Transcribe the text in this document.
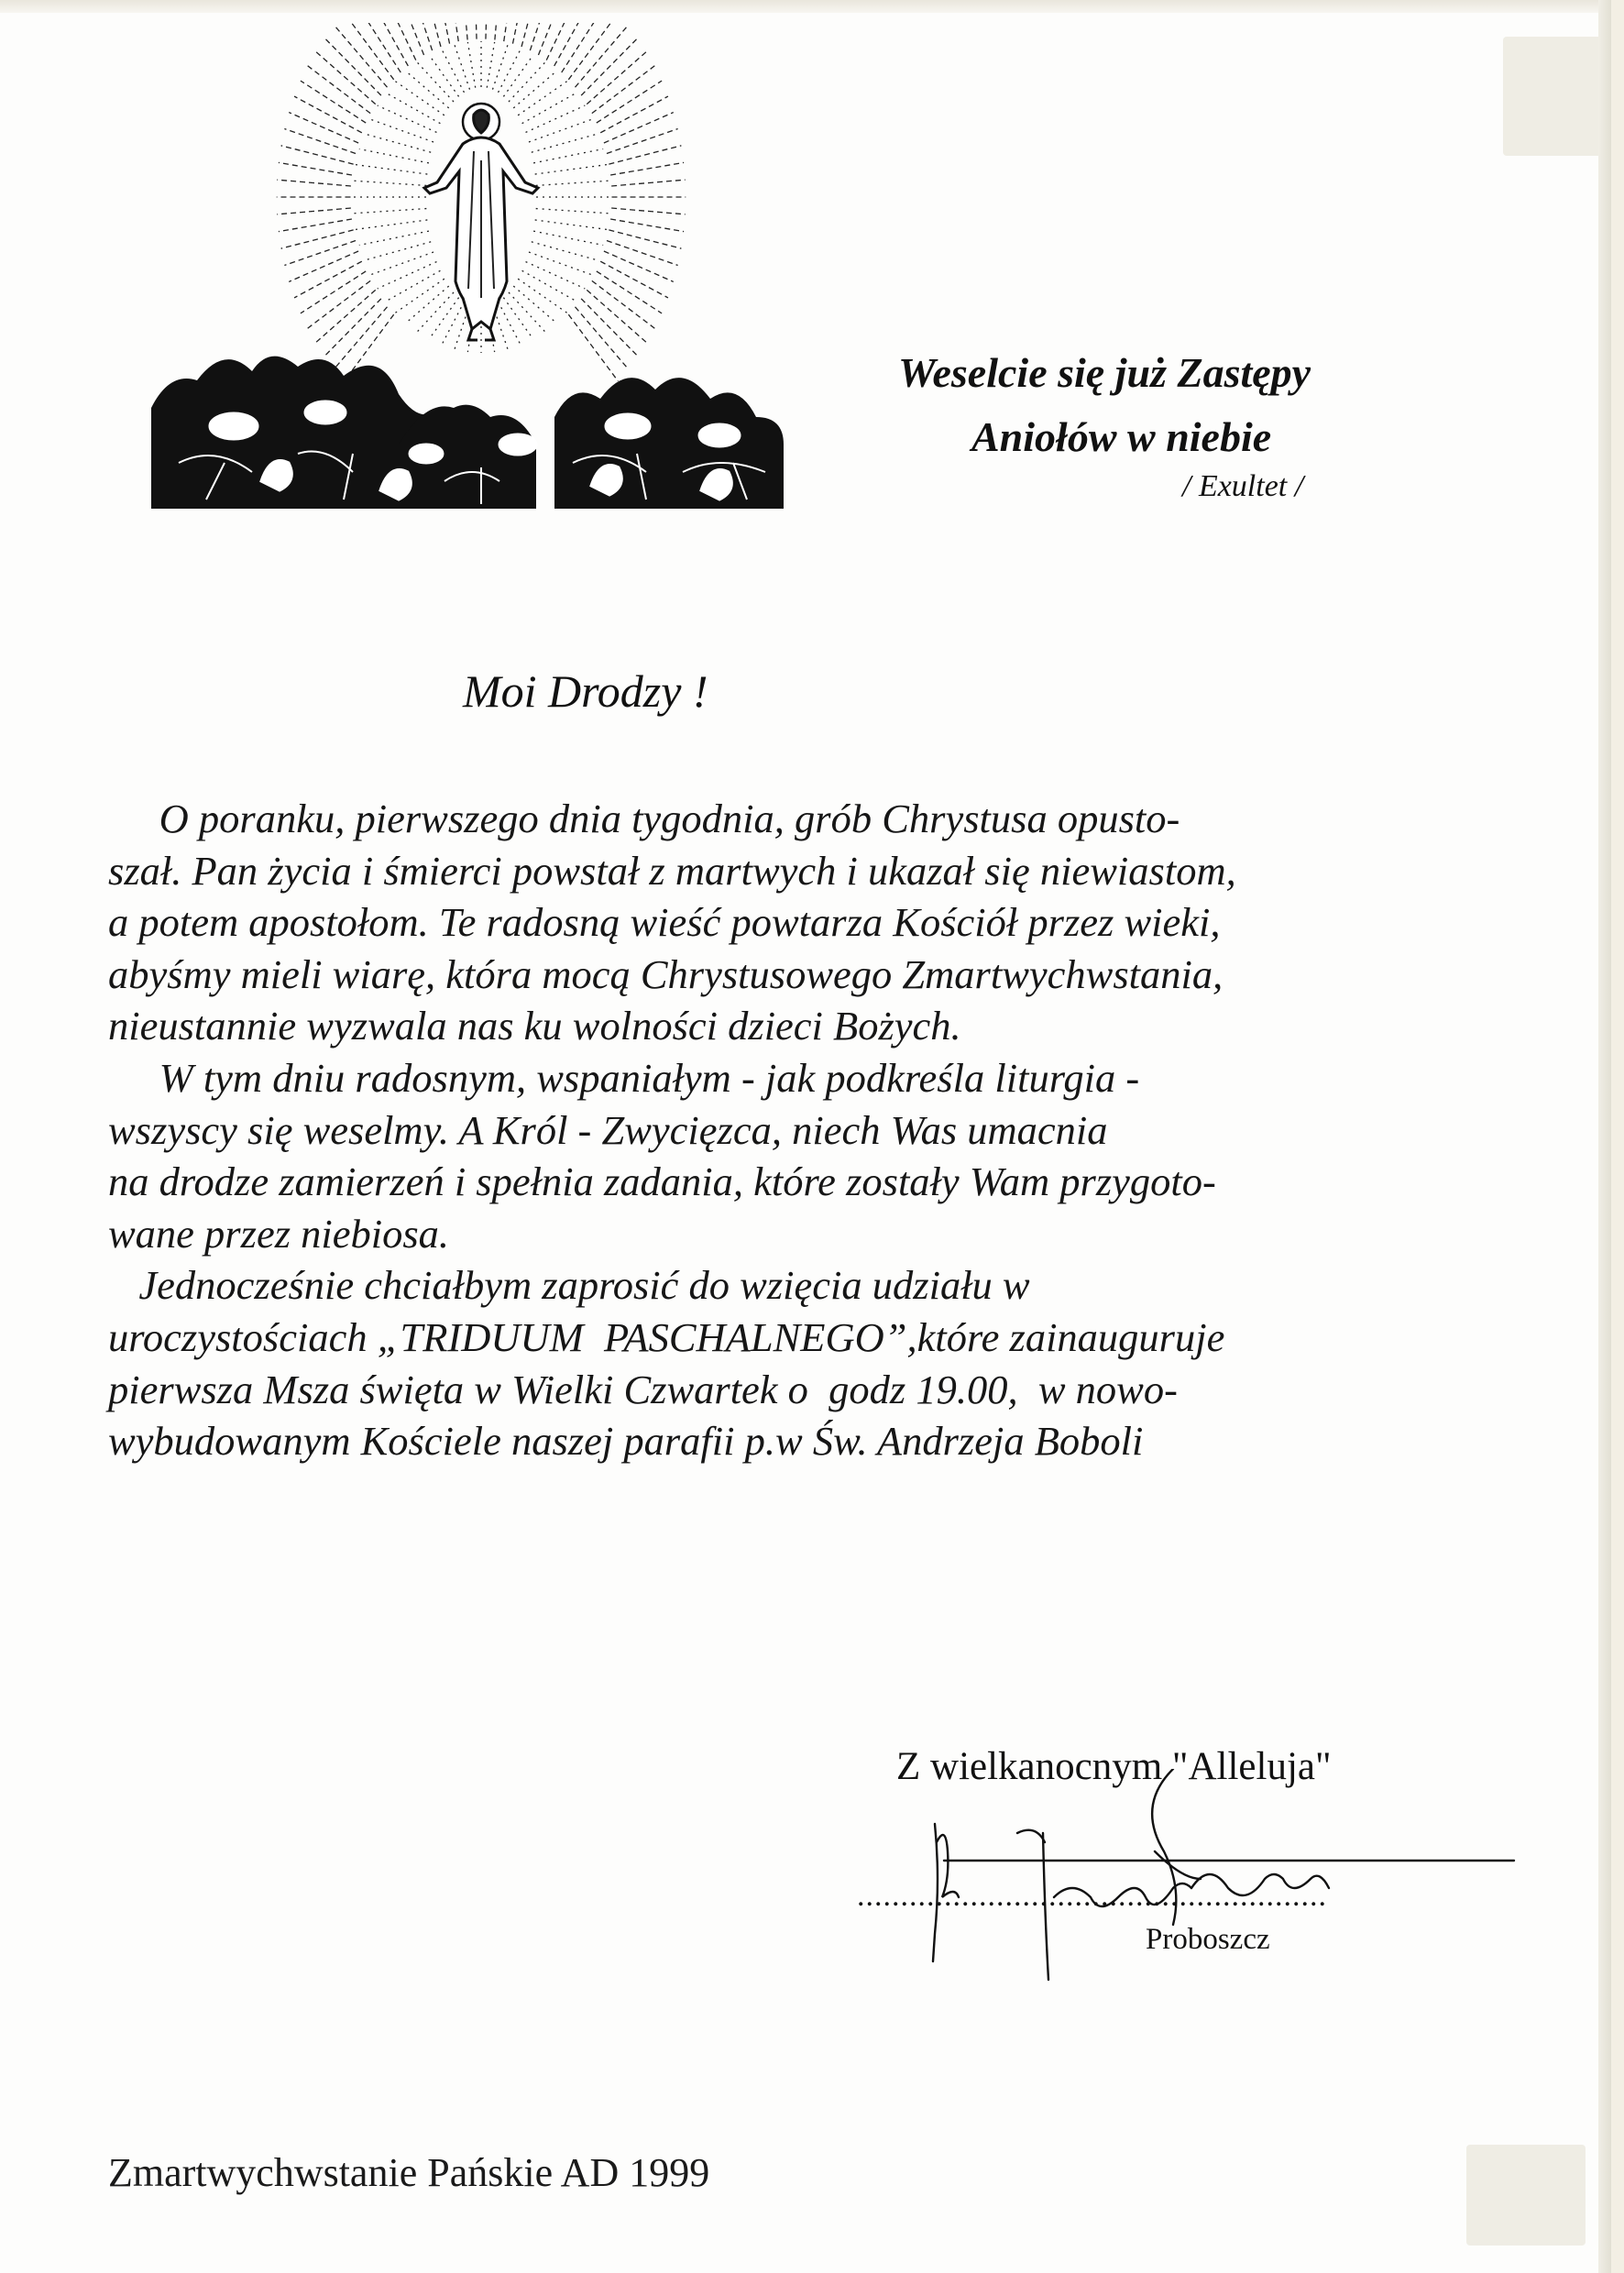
Weselcie się już Zastępy
Aniołów w niebie
/ Exultet /
Moi Drodzy !
O poranku, pierwszego dnia tygodnia, grób Chrystusa opusto-
szał. Pan życia i śmierci powstał z martwych i ukazał się niewiastom,
a potem apostołom. Te radosną wieść powtarza Kościół przez wieki,
abyśmy mieli wiarę, która mocą Chrystusowego Zmartwychwstania,
nieustannie wyzwala nas ku wolności dzieci Bożych.
W tym dniu radosnym, wspaniałym - jak podkreśla liturgia -
wszyscy się weselmy. A Król - Zwycięzca, niech Was umacnia
na drodze zamierzeń i spełnia zadania, które zostały Wam przygoto-
wane przez niebiosa.
Jednocześnie chciałbym zaprosić do wzięcia udziału w
uroczystościach „TRIDUUM  PASCHALNEGO”,które zainauguruje
pierwsza Msza święta w Wielki Czwartek o  godz 19.00,  w nowo-
wybudowanym Kościele naszej parafii p.w Św. Andrzeja Boboli
Z wielkanocnym "Alleluja"
......................................................
Proboszcz
Zmartwychwstanie Pańskie AD 1999
